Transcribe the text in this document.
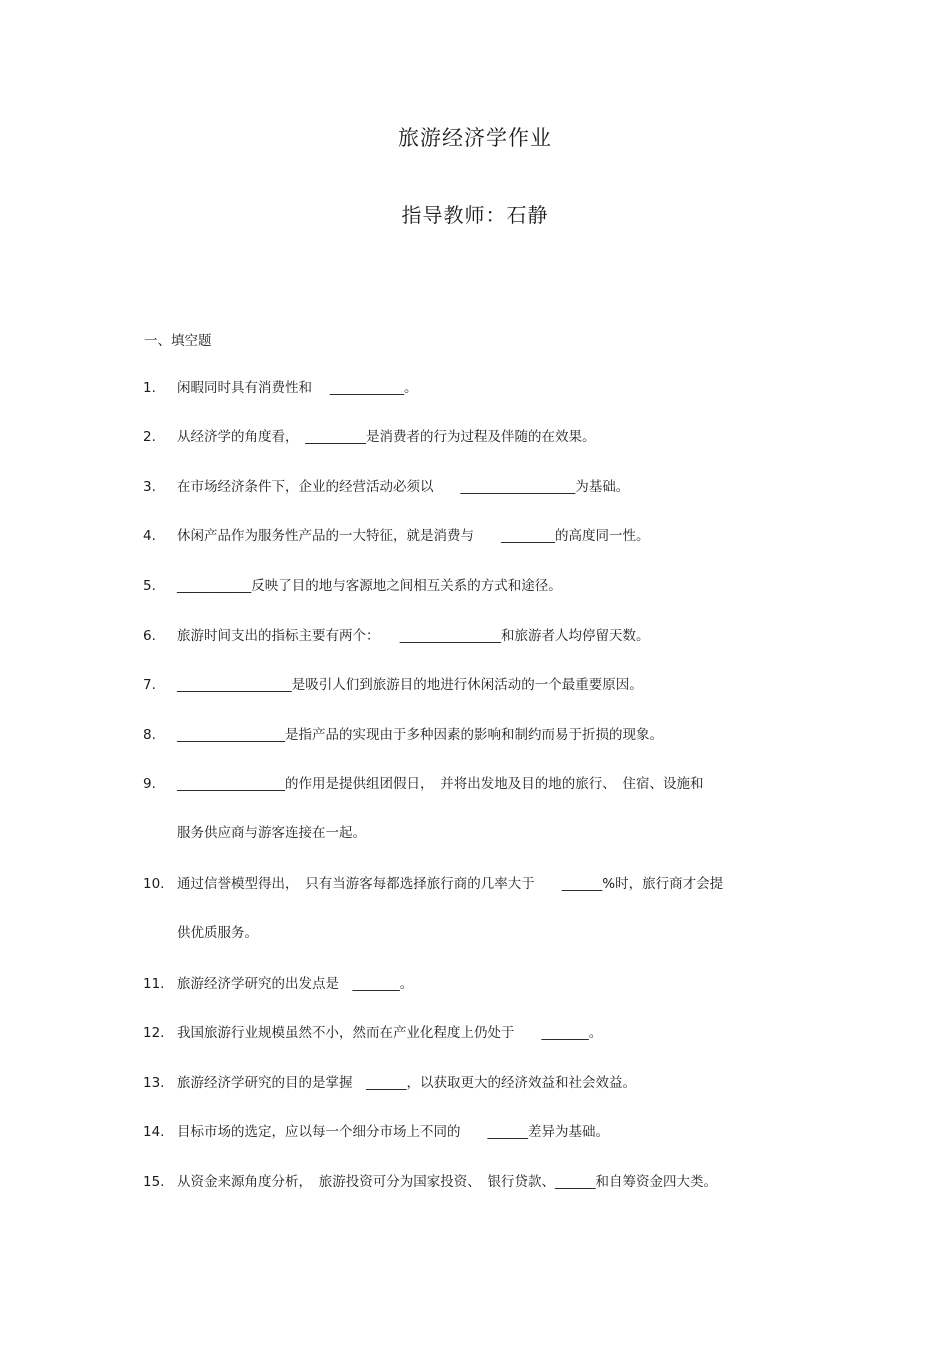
旅游经济学作业
指导教师：石静
一、填空题
1. 闲暇同时具有消费性和　 ___________。
2. 从经济学的角度看，　_________是消费者的行为过程及伴随的在效果。
3. 在市场经济条件下，企业的经营活动必须以　　_________________为基础。
4. 休闲产品作为服务性产品的一大特征，就是消费与　　________的高度同一性。
5. ___________反映了目的地与客源地之间相互关系的方式和途径。
6. 旅游时间支出的指标主要有两个：　　_______________和旅游者人均停留天数。
7. _________________是吸引人们到旅游目的地进行休闲活动的一个最重要原因。
8. ________________是指产品的实现由于多种因素的影响和制约而易于折损的现象。
9. ________________的作用是提供组团假日，　并将出发地及目的地的旅行、　住宿、设施和
服务供应商与游客连接在一起。
10. 通过信誉模型得出，　只有当游客每都选择旅行商的几率大于　　______%时，旅行商才会提
供优质服务。
11. 旅游经济学研究的出发点是　_______。
12. 我国旅游行业规模虽然不小，然而在产业化程度上仍处于　　_______。
13. 旅游经济学研究的目的是掌握　______，以获取更大的经济效益和社会效益。
14. 目标市场的选定，应以每一个细分市场上不同的　　______差异为基础。
15. 从资金来源角度分析，　旅游投资可分为国家投资、　银行贷款、______和自筹资金四大类。
